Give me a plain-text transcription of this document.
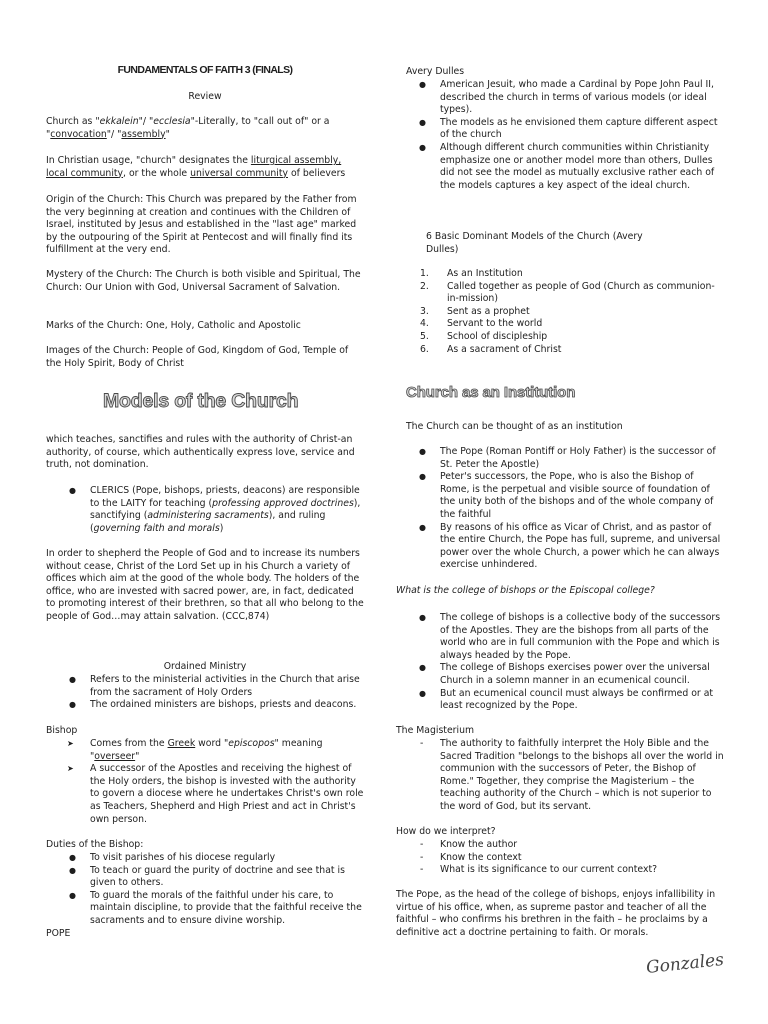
FUNDAMENTALS OF FAITH 3 (FINALS)

Review

Church as "ekkalein"/ "ecclesia"-Literally, to "call out of" or a "convocation"/ "assembly"

In Christian usage, "church" designates the liturgical assembly, local community, or the whole universal community of believers

Origin of the Church: This Church was prepared by the Father from the very beginning at creation and continues with the Children of Israel, instituted by Jesus and established in the "last age" marked by the outpouring of the Spirit at Pentecost and will finally find its fulfillment at the very end.

Mystery of the Church: The Church is both visible and Spiritual, The Church: Our Union with God, Universal Sacrament of Salvation.

Marks of the Church: One, Holy, Catholic and Apostolic

Images of the Church: People of God, Kingdom of God, Temple of the Holy Spirit, Body of Christ

Models of the Church

which teaches, sanctifies and rules with the authority of Christ-an authority, of course, which authentically express love, service and truth, not domination.

● CLERICS (Pope, bishops, priests, deacons) are responsible to the LAITY for teaching (professing approved doctrines), sanctifying (administering sacraments), and ruling (governing faith and morals)

In order to shepherd the People of God and to increase its numbers without cease, Christ of the Lord Set up in his Church a variety of offices which aim at the good of the whole body. The holders of the office, who are invested with sacred power, are, in fact, dedicated to promoting interest of their brethren, so that all who belong to the people of God…may attain salvation. (CCC,874)

Ordained Ministry

● Refers to the ministerial activities in the Church that arise from the sacrament of Holy Orders
● The ordained ministers are bishops, priests and deacons.

Bishop

➤ Comes from the Greek word "episcopos" meaning "overseer"
➤ A successor of the Apostles and receiving the highest of the Holy orders, the bishop is invested with the authority to govern a diocese where he undertakes Christ's own role as Teachers, Shepherd and High Priest and act in Christ's own person.

Duties of the Bishop:

● To visit parishes of his diocese regularly
● To teach or guard the purity of doctrine and see that is given to others.
● To guard the morals of the faithful under his care, to maintain discipline, to provide that the faithful receive the sacraments and to ensure divine worship.

POPE

Avery Dulles

● American Jesuit, who made a Cardinal by Pope John Paul II, described the church in terms of various models (or ideal types).
● The models as he envisioned them capture different aspect of the church
● Although different church communities within Christianity emphasize one or another model more than others, Dulles did not see the model as mutually exclusive rather each of the models captures a key aspect of the ideal church.

6 Basic Dominant Models of the Church (Avery Dulles)

1. As an Institution
2. Called together as people of God (Church as communion-in-mission)
3. Sent as a prophet
4. Servant to the world
5. School of discipleship
6. As a sacrament of Christ

Church as an Institution

The Church can be thought of as an institution

● The Pope (Roman Pontiff or Holy Father) is the successor of St. Peter the Apostle)
● Peter's successors, the Pope, who is also the Bishop of Rome, is the perpetual and visible source of foundation of the unity both of the bishops and of the whole company of the faithful
● By reasons of his office as Vicar of Christ, and as pastor of the entire Church, the Pope has full, supreme, and universal power over the whole Church, a power which he can always exercise unhindered.

What is the college of bishops or the Episcopal college?

● The college of bishops is a collective body of the successors of the Apostles. They are the bishops from all parts of the world who are in full communion with the Pope and which is always headed by the Pope.
● The college of Bishops exercises power over the universal Church in a solemn manner in an ecumenical council.
● But an ecumenical council must always be confirmed or at least recognized by the Pope.

The Magisterium

- The authority to faithfully interpret the Holy Bible and the Sacred Tradition "belongs to the bishops all over the world in communion with the successors of Peter, the Bishop of Rome." Together, they comprise the Magisterium – the teaching authority of the Church – which is not superior to the word of God, but its servant.

How do we interpret?

- Know the author
- Know the context
- What is its significance to our current context?

The Pope, as the head of the college of bishops, enjoys infallibility in virtue of his office, when, as supreme pastor and teacher of all the faithful – who confirms his brethren in the faith – he proclaims by a definitive act a doctrine pertaining to faith. Or morals.

Gonzales
